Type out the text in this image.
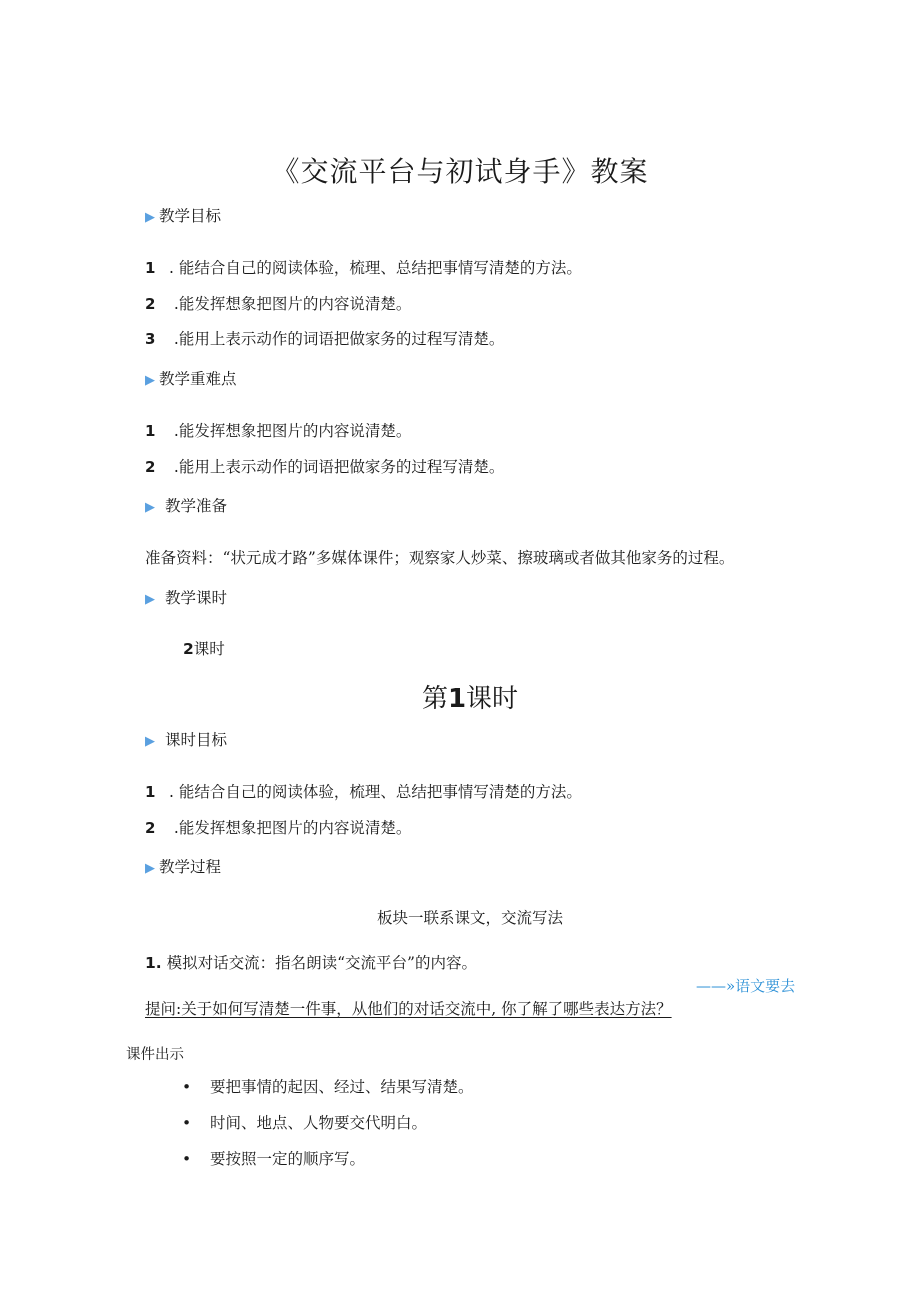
《交流平台与初试身手》教案
▶ 教学目标
1 . 能结合自己的阅读体验，梳理、总结把事情写清楚的方法。
2 .能发挥想象把图片的内容说清楚。
3 .能用上表示动作的词语把做家务的过程写清楚。
▶ 教学重难点
1 .能发挥想象把图片的内容说清楚。
2 .能用上表示动作的词语把做家务的过程写清楚。
▶ 教学准备
准备资料：“状元成才路”多媒体课件；观察家人炒菜、擦玻璃或者做其他家务的过程。
▶ 教学课时
2课时
第1课时
▶ 课时目标
1 . 能结合自己的阅读体验，梳理、总结把事情写清楚的方法。
2 .能发挥想象把图片的内容说清楚。
▶ 教学过程
板块一联系课文，交流写法
1. 模拟对话交流：指名朗读“交流平台”的内容。
——»语文要去
提问:关于如何写清楚一件事，从他们的对话交流中, 你了解了哪些表达方法？
课件出示
• 要把事情的起因、经过、结果写清楚。
• 时间、地点、人物要交代明白。
• 要按照一定的顺序写。
